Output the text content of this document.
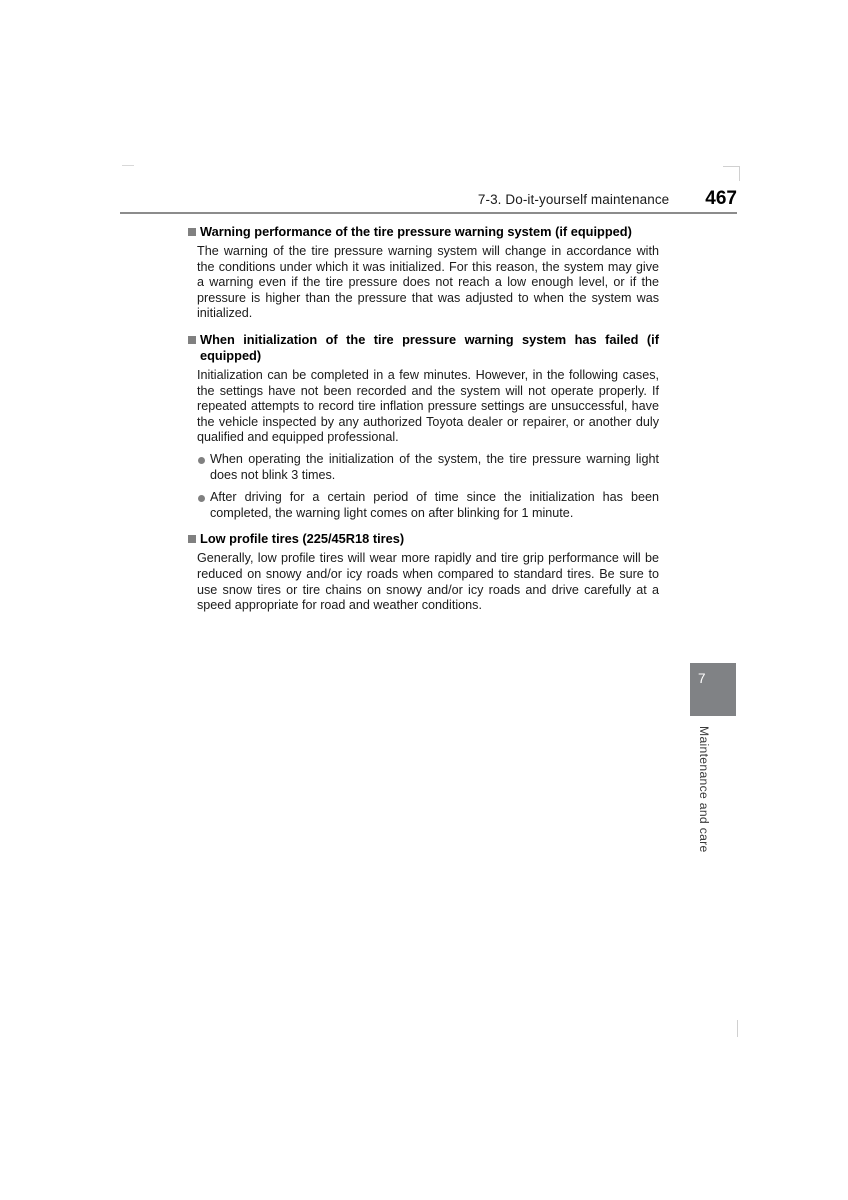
7-3. Do-it-yourself maintenance 467
Warning performance of the tire pressure warning system (if equipped)

The warning of the tire pressure warning system will change in accordance with the conditions under which it was initialized. For this reason, the system may give a warning even if the tire pressure does not reach a low enough level, or if the pressure is higher than the pressure that was adjusted to when the system was initialized.

When initialization of the tire pressure warning system has failed (if equipped)

Initialization can be completed in a few minutes. However, in the following cases, the settings have not been recorded and the system will not operate properly. If repeated attempts to record tire inflation pressure settings are unsuccessful, have the vehicle inspected by any authorized Toyota dealer or repairer, or another duly qualified and equipped professional.

When operating the initialization of the system, the tire pressure warning light does not blink 3 times.
After driving for a certain period of time since the initialization has been completed, the warning light comes on after blinking for 1 minute.
Low profile tires (225/45R18 tires)

Generally, low profile tires will wear more rapidly and tire grip performance will be reduced on snowy and/or icy roads when compared to standard tires. Be sure to use snow tires or tire chains on snowy and/or icy roads and drive carefully at a speed appropriate for road and weather conditions.

7
Maintenance and care
